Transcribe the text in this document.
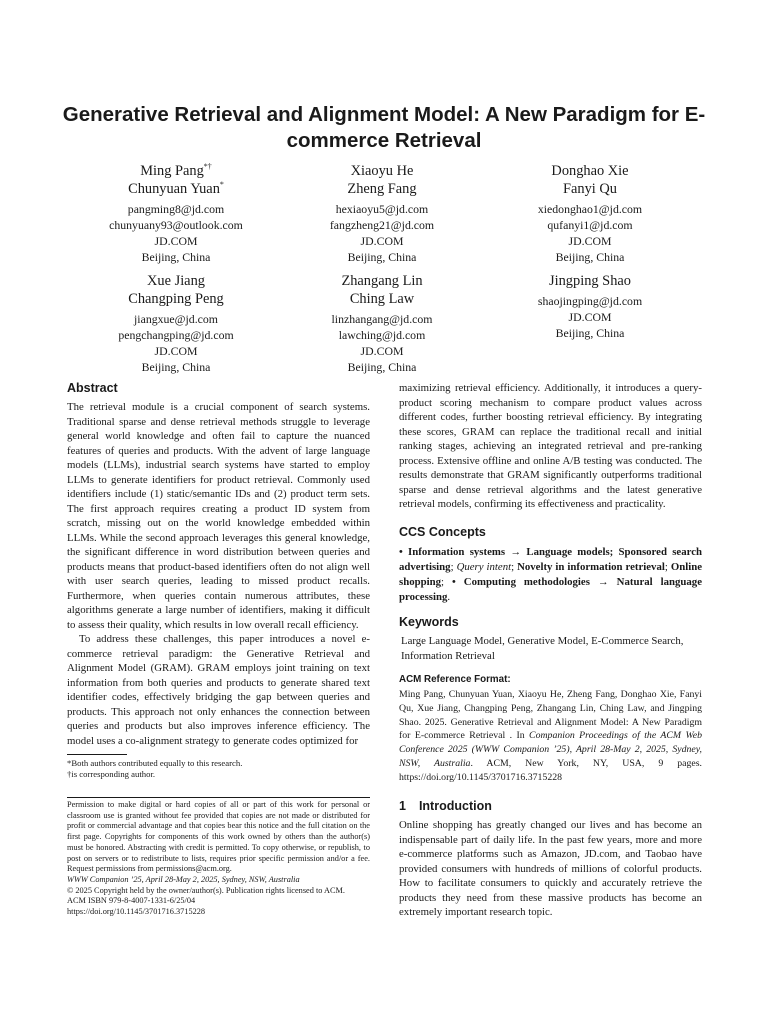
Generative Retrieval and Alignment Model: A New Paradigm for E-commerce Retrieval
Ming Pang*†
Chunyuan Yuan*
pangming8@jd.com
chunyuany93@outlook.com
JD.COM
Beijing, China
Xiaoyu He
Zheng Fang
hexiaoyu5@jd.com
fangzheng21@jd.com
JD.COM
Beijing, China
Donghao Xie
Fanyi Qu
xiedonghao1@jd.com
qufanyi1@jd.com
JD.COM
Beijing, China
Xue Jiang
Changping Peng
jiangxue@jd.com
pengchangping@jd.com
JD.COM
Beijing, China
Zhangang Lin
Ching Law
linzhangang@jd.com
lawching@jd.com
JD.COM
Beijing, China
Jingping Shao
shaojingping@jd.com
JD.COM
Beijing, China
Abstract

The retrieval module is a crucial component of search systems. Traditional sparse and dense retrieval methods struggle to leverage general world knowledge and often fail to capture the nuanced features of queries and products. With the advent of large language models (LLMs), industrial search systems have started to employ LLMs to generate identifiers for product retrieval. Commonly used identifiers include (1) static/semantic IDs and (2) product term sets. The first approach requires creating a product ID system from scratch, missing out on the world knowledge embedded within LLMs. While the second approach leverages this general knowledge, the significant difference in word distribution between queries and products means that product-based identifiers often do not align well with user search queries, leading to missed product recalls. Furthermore, when queries contain numerous attributes, these algorithms generate a large number of identifiers, making it difficult to assess their quality, which results in low overall recall efficiency.

To address these challenges, this paper introduces a novel e-commerce retrieval paradigm: the Generative Retrieval and Alignment Model (GRAM). GRAM employs joint training on text information from both queries and products to generate shared text identifier codes, effectively bridging the gap between queries and products. This approach not only enhances the connection between queries and products but also improves inference efficiency. The model uses a co-alignment strategy to generate codes optimized for

*Both authors contributed equally to this research.

†is corresponding author.

Permission to make digital or hard copies of all or part of this work for personal or classroom use is granted without fee provided that copies are not made or distributed for profit or commercial advantage and that copies bear this notice and the full citation on the first page. Copyrights for components of this work owned by others than the author(s) must be honored. Abstracting with credit is permitted. To copy otherwise, or republish, to post on servers or to redistribute to lists, requires prior specific permission and/or a fee. Request permissions from permissions@acm.org.

WWW Companion ’25, April 28-May 2, 2025, Sydney, NSW, Australia

© 2025 Copyright held by the owner/author(s). Publication rights licensed to ACM.

ACM ISBN 979-8-4007-1331-6/25/04

https://doi.org/10.1145/3701716.3715228

maximizing retrieval efficiency. Additionally, it introduces a query-product scoring mechanism to compare product values across different codes, further boosting retrieval efficiency. By integrating these scores, GRAM can replace the traditional recall and initial ranking stages, achieving an integrated retrieval and pre-ranking process. Extensive offline and online A/B testing was conducted. The results demonstrate that GRAM significantly outperforms traditional sparse and dense retrieval algorithms and the latest generative retrieval models, confirming its effectiveness and practicality.

CCS Concepts

• Information systems → Language models; Sponsored search advertising; Query intent; Novelty in information retrieval; Online shopping; • Computing methodologies → Natural language processing.

Keywords

Large Language Model, Generative Model, E-Commerce Search, Information Retrieval

ACM Reference Format:

Ming Pang, Chunyuan Yuan, Xiaoyu He, Zheng Fang, Donghao Xie, Fanyi Qu, Xue Jiang, Changping Peng, Zhangang Lin, Ching Law, and Jingping Shao. 2025. Generative Retrieval and Alignment Model: A New Paradigm for E-commerce Retrieval . In Companion Proceedings of the ACM Web Conference 2025 (WWW Companion ’25), April 28-May 2, 2025, Sydney, NSW, Australia. ACM, New York, NY, USA, 9 pages. https://doi.org/10.1145/3701716.3715228

1 Introduction

Online shopping has greatly changed our lives and has become an indispensable part of daily life. In the past few years, more and more e-commerce platforms such as Amazon, JD.com, and Taobao have provided consumers with hundreds of millions of colorful products. How to facilitate consumers to quickly and accurately retrieve the products they need from these massive products has become an extremely important research topic.
